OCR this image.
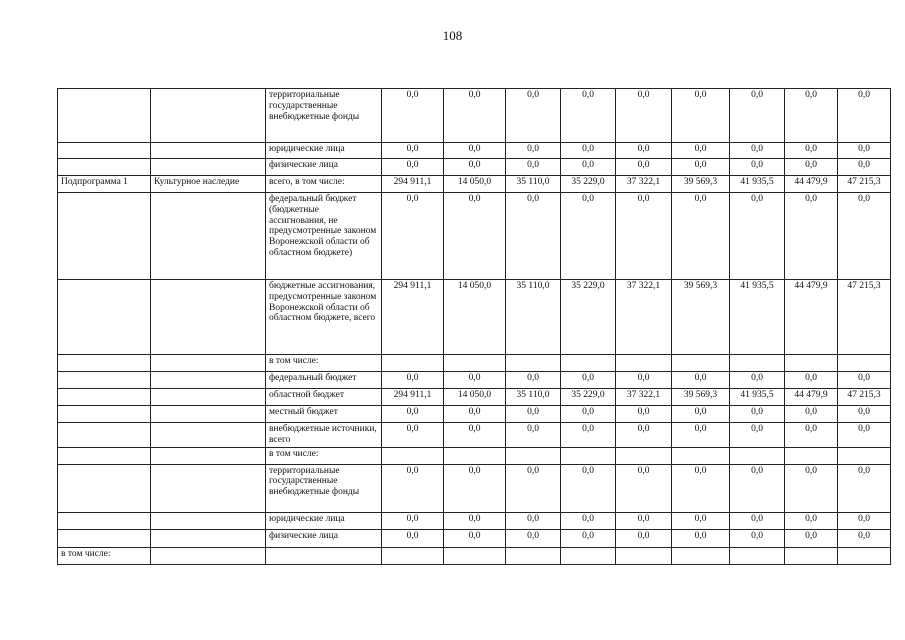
108
		территориальные государственные внебюджетные фонды	0,0	0,0	0,0	0,0	0,0	0,0	0,0	0,0	0,0
		юридические лица	0,0	0,0	0,0	0,0	0,0	0,0	0,0	0,0	0,0
		физические лица	0,0	0,0	0,0	0,0	0,0	0,0	0,0	0,0	0,0
Подпрограмма 1	Культурное наследие	всего, в том числе:	294 911,1	14 050,0	35 110,0	35 229,0	37 322,1	39 569,3	41 935,5	44 479,9	47 215,3
		федеральный бюджет (бюджетные ассигнования, не предусмотренные законом Воронежской области об областном бюджете)	0,0	0,0	0,0	0,0	0,0	0,0	0,0	0,0	0,0
		бюджетные ассигнования, предусмотренные законом Воронежской области об областном бюджете, всего	294 911,1	14 050,0	35 110,0	35 229,0	37 322,1	39 569,3	41 935,5	44 479,9	47 215,3
		в том числе:									
		федеральный бюджет	0,0	0,0	0,0	0,0	0,0	0,0	0,0	0,0	0,0
		областной бюджет	294 911,1	14 050,0	35 110,0	35 229,0	37 322,1	39 569,3	41 935,5	44 479,9	47 215,3
		местный бюджет	0,0	0,0	0,0	0,0	0,0	0,0	0,0	0,0	0,0
		внебюджетные источники, всего	0,0	0,0	0,0	0,0	0,0	0,0	0,0	0,0	0,0
		в том числе:									
		территориальные государственные внебюджетные фонды	0,0	0,0	0,0	0,0	0,0	0,0	0,0	0,0	0,0
		юридические лица	0,0	0,0	0,0	0,0	0,0	0,0	0,0	0,0	0,0
		физические лица	0,0	0,0	0,0	0,0	0,0	0,0	0,0	0,0	0,0
в том числе:											
